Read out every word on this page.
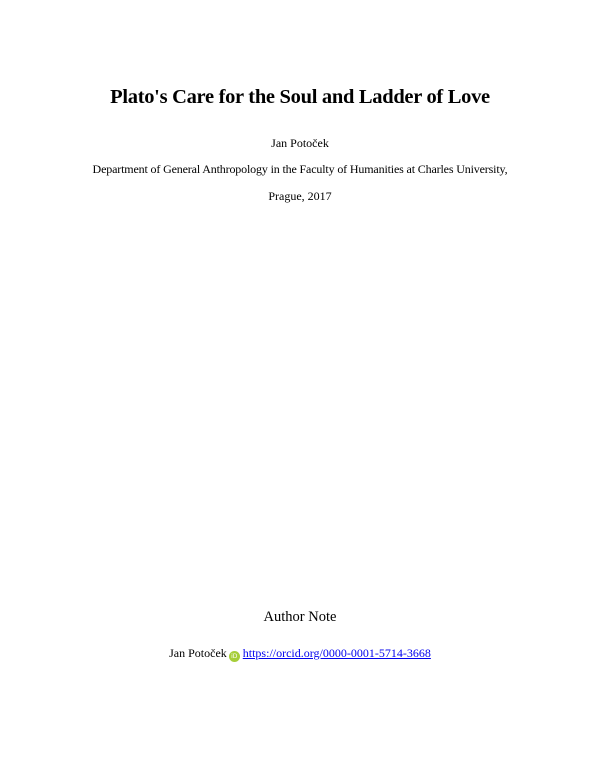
Plato's Care for the Soul and Ladder of Love
Jan Potoček
Department of General Anthropology in the Faculty of Humanities at Charles University,
Prague, 2017
Author Note
Jan Potoček iD https://orcid.org/0000-0001-5714-3668
